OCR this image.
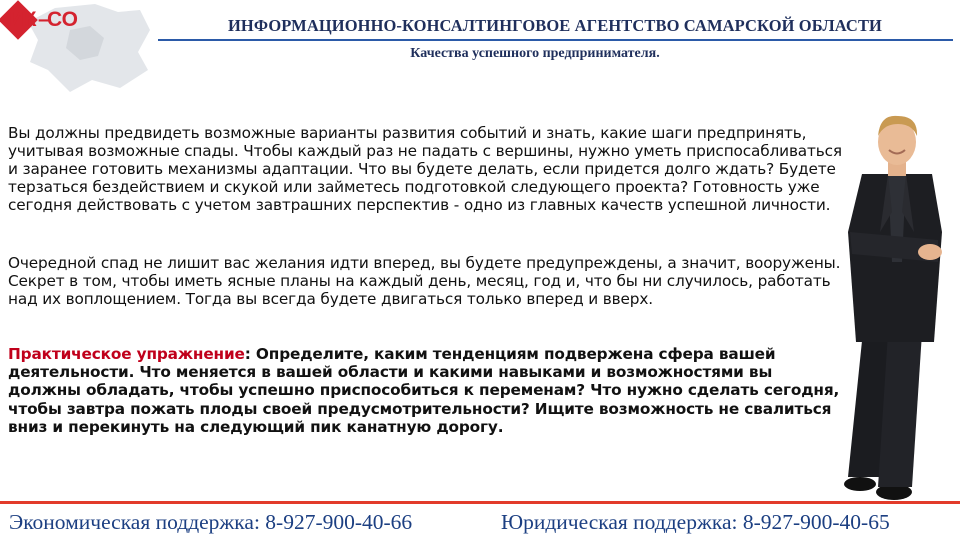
ИК –
СО	ИНФОРМАЦИОННО-КОНСАЛТИНГОВОЕ АГЕНТСТВО САМАРСКОЙ ОБЛАСТИ
Качества успешного предпринимателя.
Вы должны предвидеть возможные варианты развития событий и знать, какие шаги предпринять, учитывая возможные спады. Чтобы каждый раз не падать с вершины, нужно уметь приспосабливаться и заранее готовить механизмы адаптации. Что вы будете делать, если придется долго ждать? Будете терзаться бездействием и скукой или займетесь подготовкой следующего проекта? Готовность уже сегодня действовать с учетом завтрашних перспектив - одно из главных качеств успешной личности.
Очередной спад не лишит вас желания идти вперед, вы будете предупреждены, а значит, вооружены. Секрет в том, чтобы иметь ясные планы на каждый день, месяц, год и, что бы ни случилось, работать над их воплощением. Тогда вы всегда будете двигаться только вперед и вверх.
Практическое упражнение: Определите, каким тенденциям подвержена сфера вашей деятельности. Что меняется в вашей области и какими навыками и возможностями вы должны обладать, чтобы успешно приспособиться к переменам? Что нужно сделать сегодня, чтобы завтра пожать плоды своей предусмотрительности? Ищите возможность не свалиться вниз и перекинуть на следующий пик канатную дорогу.
Экономическая поддержка: 8-927-900-40-66	Юридическая поддержка: 8-927-900-40-65
